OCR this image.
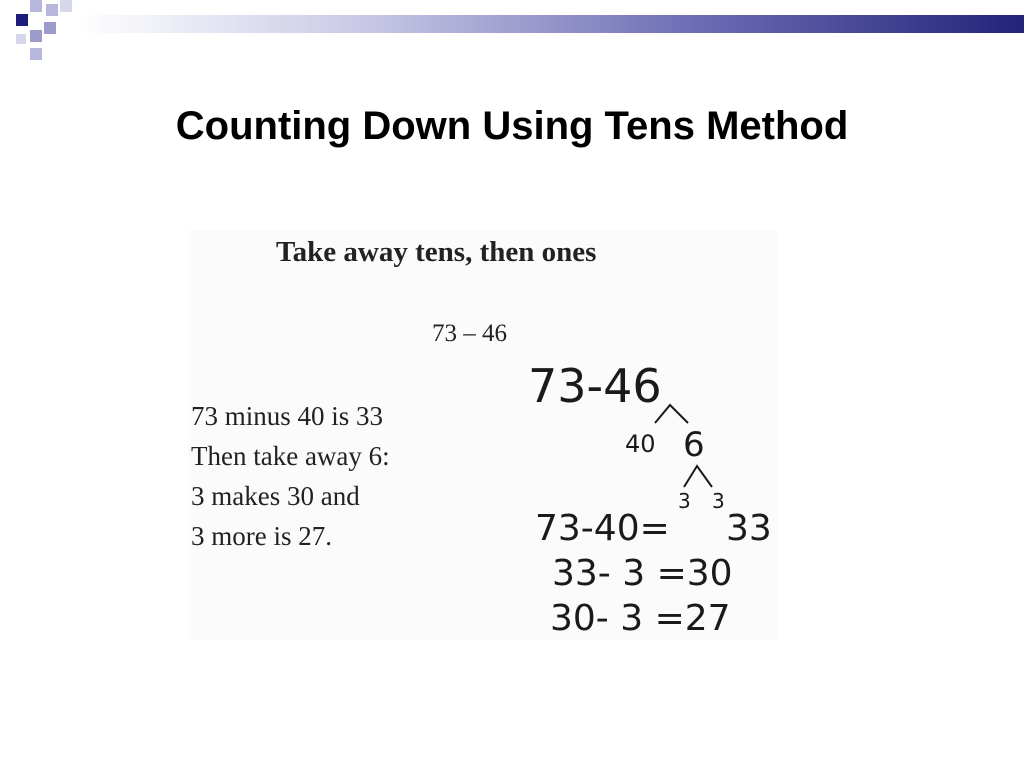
Counting Down Using Tens Method
Take away tens, then ones
73 – 46
73 minus 40 is 33
Then take away 6:
3 makes 30 and
3 more is 27.
73-46
40 6
3 3
73-40= 33
33- 3 =30
30- 3 =27
